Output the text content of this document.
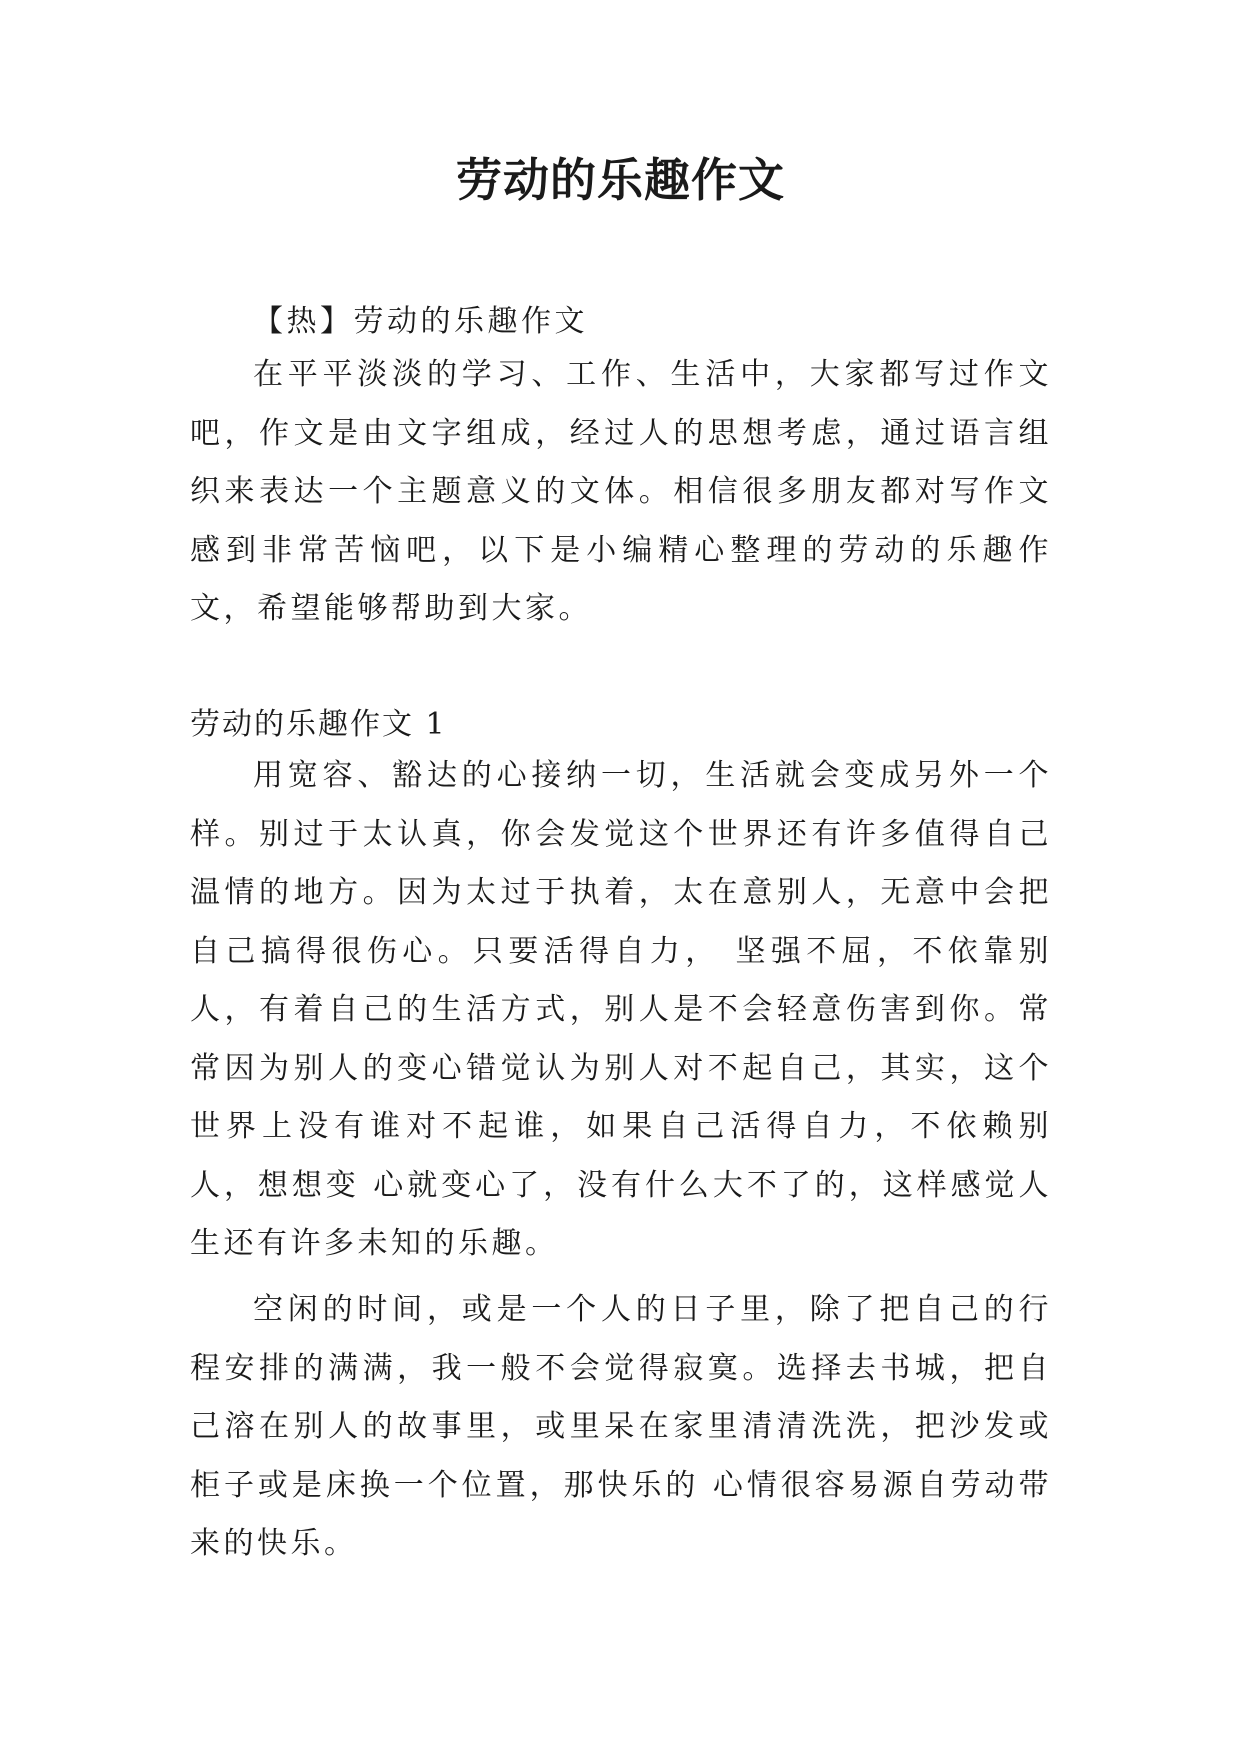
劳动的乐趣作文

【热】劳动的乐趣作文

在平平淡淡的学习、工作、生活中，大家都写过作文吧，作文是由文字组成，经过人的思想考虑，通过语言组织来表达一个主题意义的文体。相信很多朋友都对写作文感到非常苦恼吧，以下是小编精心整理的劳动的乐趣作文，希望能够帮助到大家。

劳动的乐趣作文 1

用宽容、豁达的心接纳一切，生活就会变成另外一个样。别过于太认真，你会发觉这个世界还有许多值得自己温情的地方。因为太过于执着，太在意别人，无意中会把自己搞得很伤心。只要活得自力， 坚强不屈，不依靠别人，有着自己的生活方式，别人是不会轻意伤害到你。常常因为别人的变心错觉认为别人对不起自己，其实，这个世界上没有谁对不起谁，如果自己活得自力，不依赖别人，想想变 心就变心了，没有什么大不了的，这样感觉人生还有许多未知的乐趣。

空闲的时间，或是一个人的日子里，除了把自己的行程安排的满满，我一般不会觉得寂寞。选择去书城，把自己溶在别人的故事里，或里呆在家里清清洗洗，把沙发或柜子或是床换一个位置，那快乐的 心情很容易源自劳动带来的快乐。
